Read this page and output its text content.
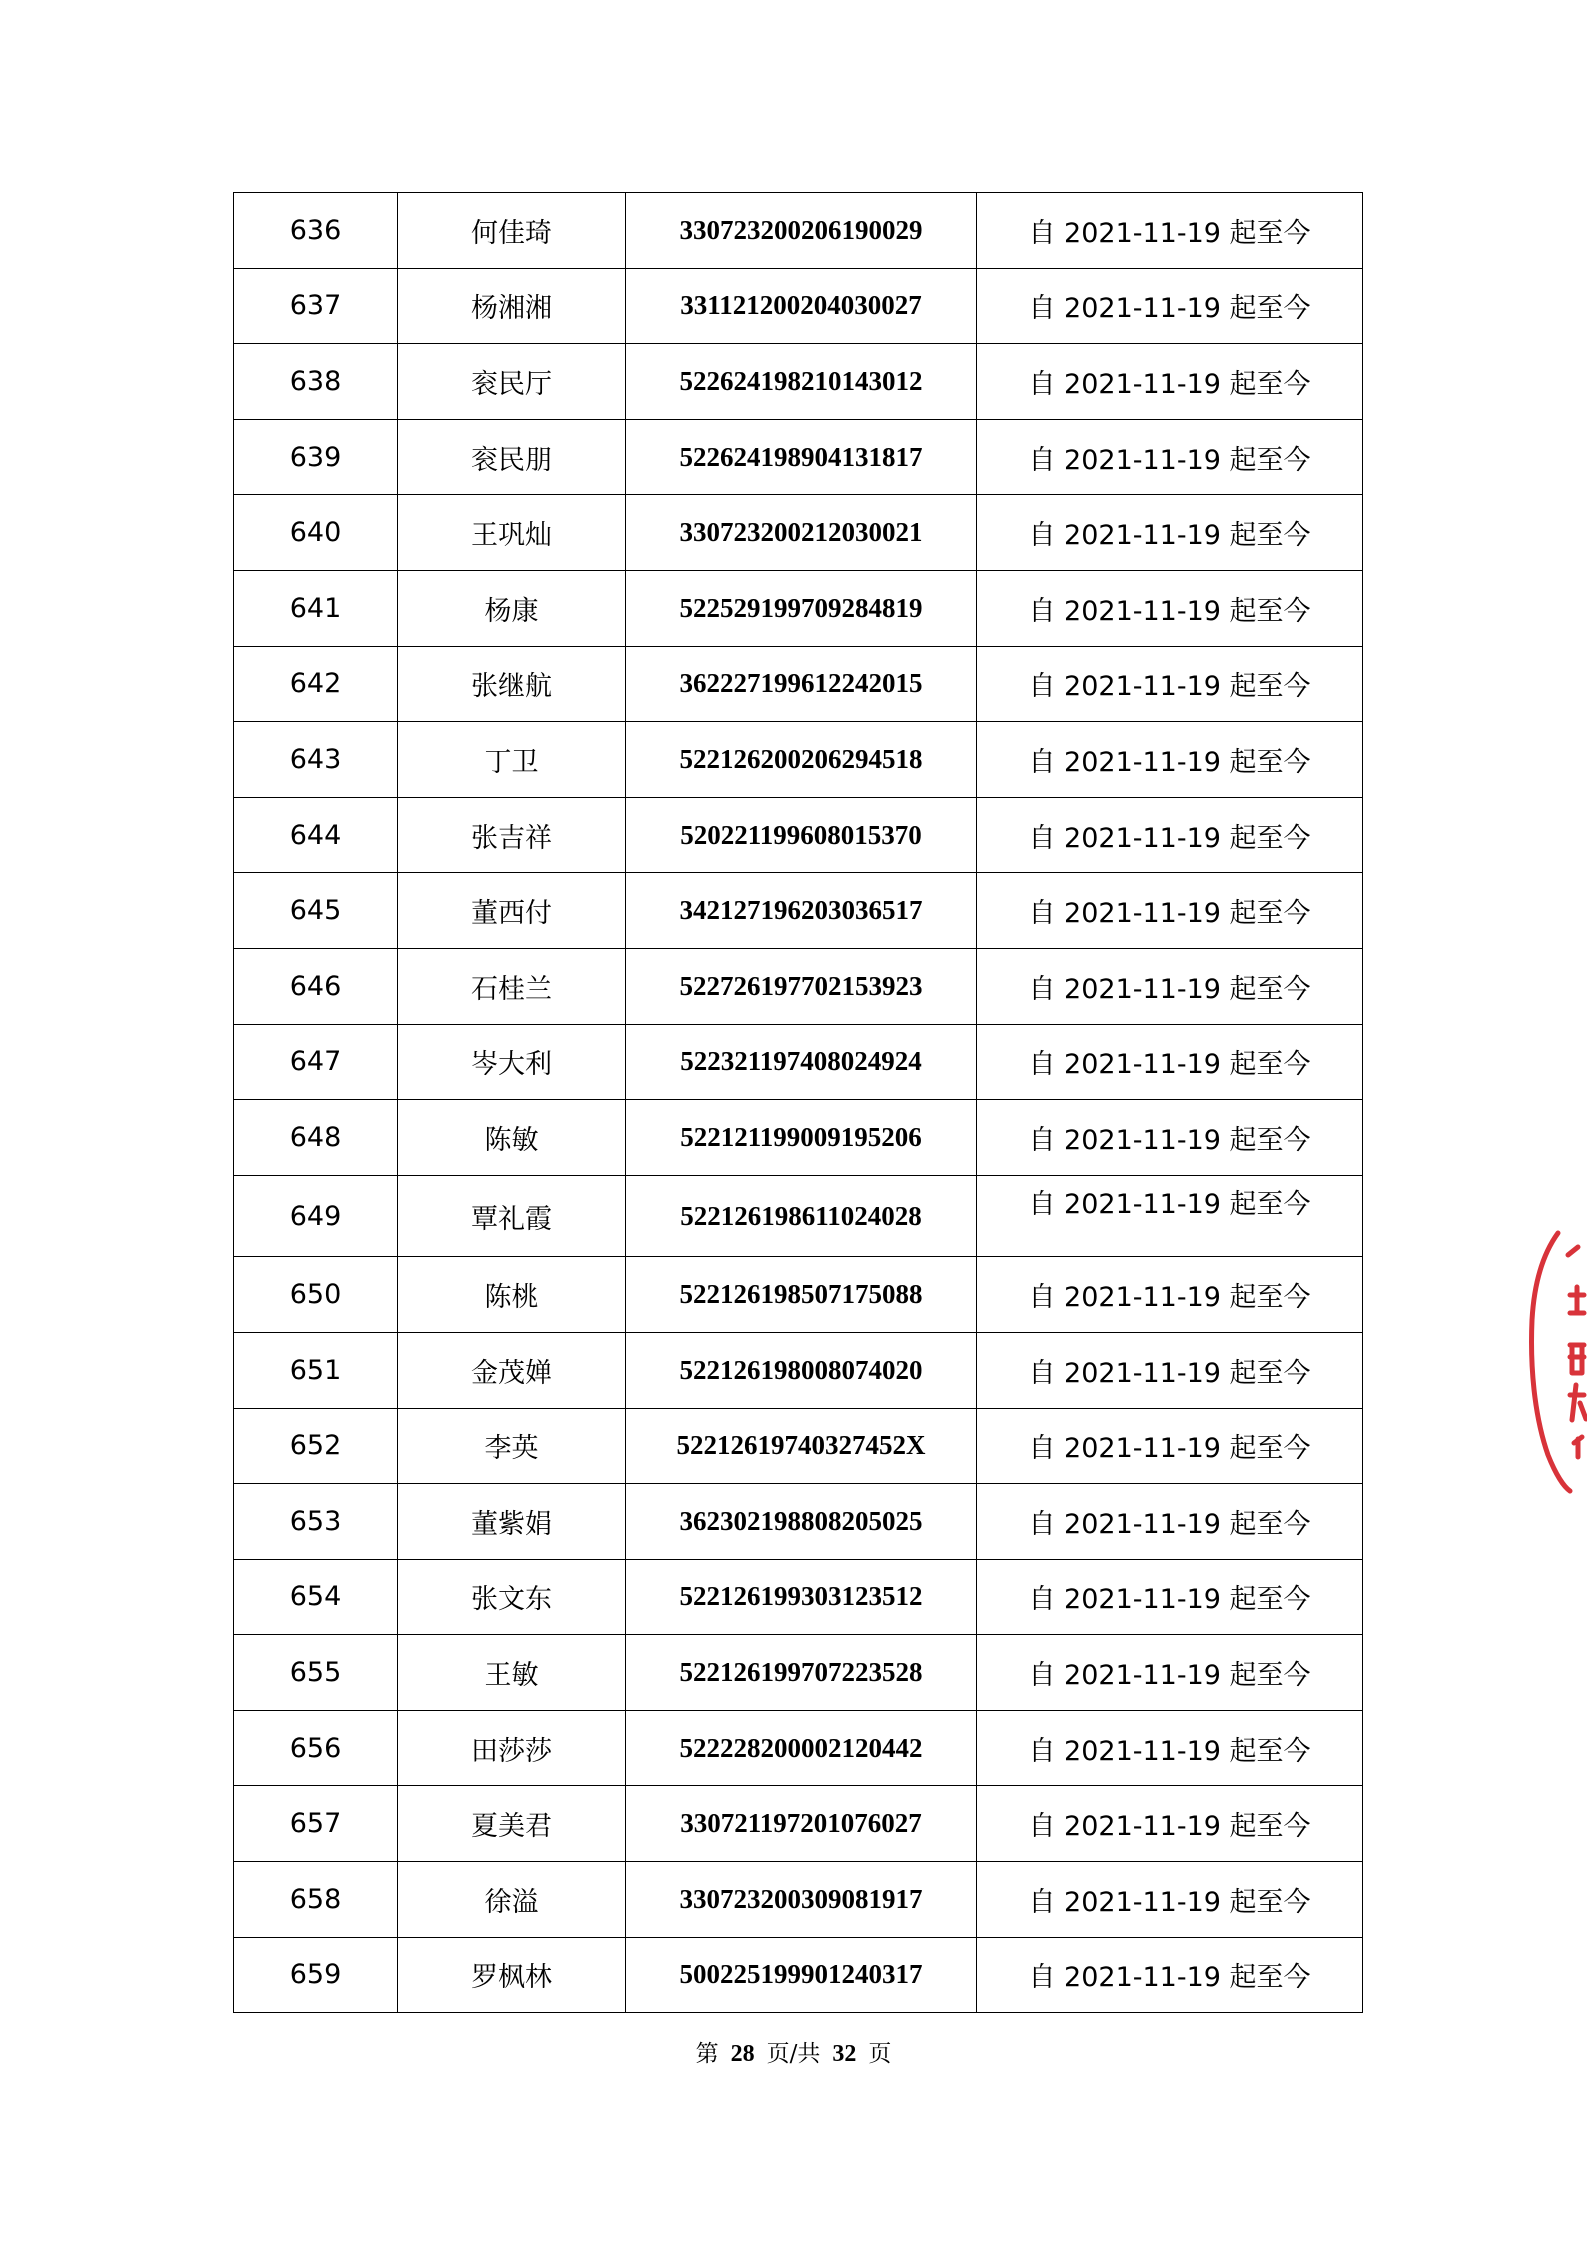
636	何佳琦	330723200206190029	自 2021-11-19 起至今
637	杨湘湘	331121200204030027	自 2021-11-19 起至今
638	衮民厅	522624198210143012	自 2021-11-19 起至今
639	衮民朋	522624198904131817	自 2021-11-19 起至今
640	王巩灿	330723200212030021	自 2021-11-19 起至今
641	杨康	522529199709284819	自 2021-11-19 起至今
642	张继航	362227199612242015	自 2021-11-19 起至今
643	丁卫	522126200206294518	自 2021-11-19 起至今
644	张吉祥	520221199608015370	自 2021-11-19 起至今
645	董西付	342127196203036517	自 2021-11-19 起至今
646	石桂兰	522726197702153923	自 2021-11-19 起至今
647	岑大利	522321197408024924	自 2021-11-19 起至今
648	陈敏	522121199009195206	自 2021-11-19 起至今
649	覃礼霞	522126198611024028	自 2021-11-19 起至今
650	陈桃	522126198507175088	自 2021-11-19 起至今
651	金茂婵	522126198008074020	自 2021-11-19 起至今
652	李英	52212619740327452X	自 2021-11-19 起至今
653	董紫娟	362302198808205025	自 2021-11-19 起至今
654	张文东	522126199303123512	自 2021-11-19 起至今
655	王敏	522126199707223528	自 2021-11-19 起至今
656	田莎莎	522228200002120442	自 2021-11-19 起至今
657	夏美君	330721197201076027	自 2021-11-19 起至今
658	徐溢	330723200309081917	自 2021-11-19 起至今
659	罗枫林	500225199901240317	自 2021-11-19 起至今
第 28 页/共 32 页
